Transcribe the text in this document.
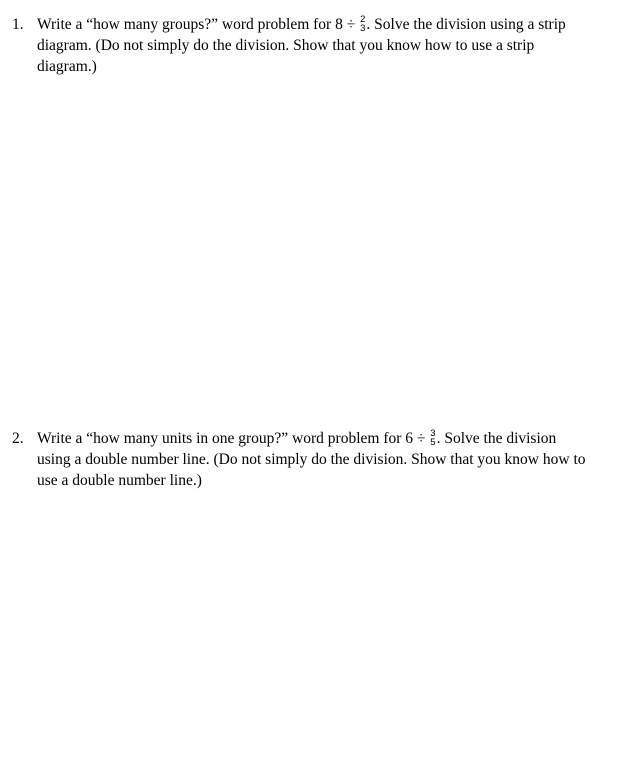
1. Write a “how many groups?” word problem for 8 ÷ 2
3 . Solve the division using a strip
diagram. (Do not simply do the division. Show that you know how to use a strip
diagram.)
2. Write a “how many units in one group?” word problem for 6 ÷ 3
5 . Solve the division
using a double number line. (Do not simply do the division. Show that you know how to
use a double number line.)
